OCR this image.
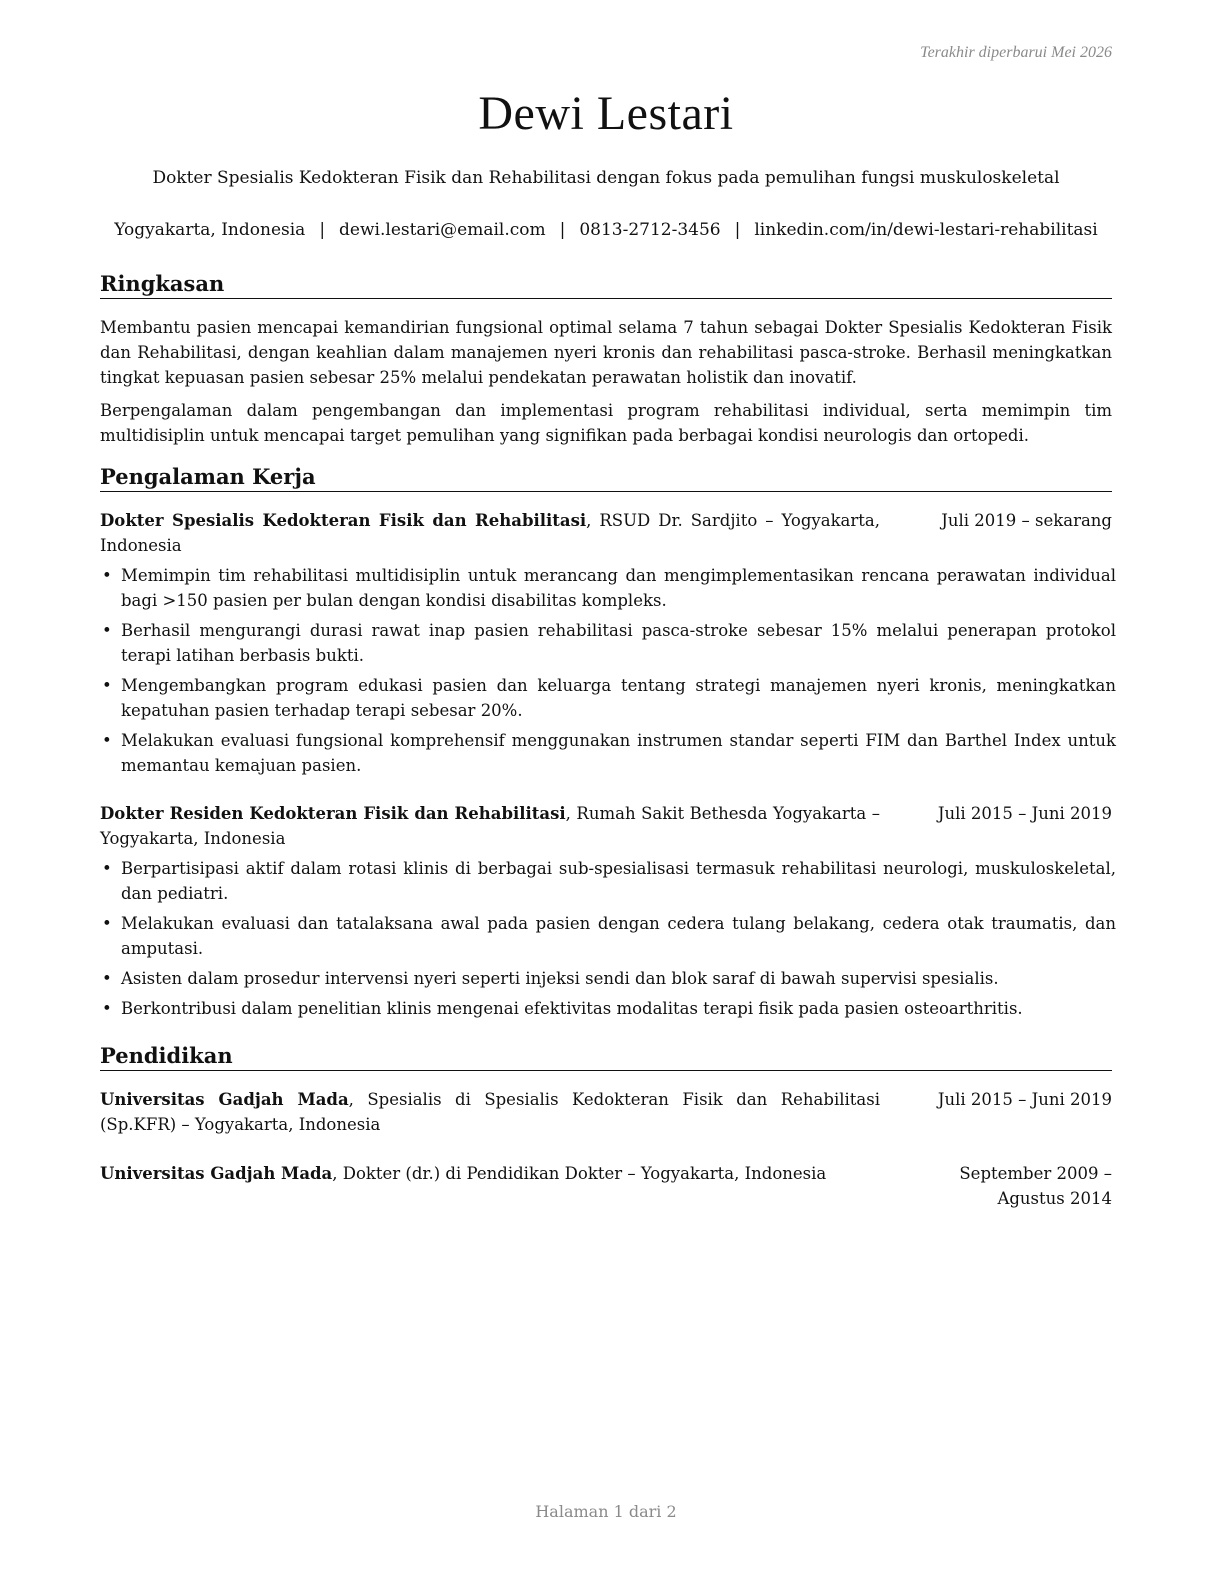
Terakhir diperbarui Mei 2026
Dewi Lestari
Dokter Spesialis Kedokteran Fisik dan Rehabilitasi dengan fokus pada pemulihan fungsi muskuloskeletal
Yogyakarta, Indonesia | dewi.lestari@email.com | 0813-2712-3456 | linkedin.com/in/dewi-lestari-rehabilitasi
Ringkasan
Membantu pasien mencapai kemandirian fungsional optimal selama 7 tahun sebagai Dokter Spesialis Kedokteran Fisik dan Rehabilitasi, dengan keahlian dalam manajemen nyeri kronis dan rehabilitasi pasca-stroke. Berhasil meningkatkan tingkat kepuasan pasien sebesar 25% melalui pendekatan perawatan holistik dan inovatif.
Berpengalaman dalam pengembangan dan implementasi program rehabilitasi individual, serta memimpin tim multidisiplin untuk mencapai target pemulihan yang signifikan pada berbagai kondisi neurologis dan ortopedi.
Pengalaman Kerja
Dokter Spesialis Kedokteran Fisik dan Rehabilitasi, RSUD Dr. Sardjito – Yogyakarta, Indonesia
Juli 2019 – sekarang
• Memimpin tim rehabilitasi multidisiplin untuk merancang dan mengimplementasikan rencana perawatan individual bagi >150 pasien per bulan dengan kondisi disabilitas kompleks.
• Berhasil mengurangi durasi rawat inap pasien rehabilitasi pasca-stroke sebesar 15% melalui penerapan protokol terapi latihan berbasis bukti.
• Mengembangkan program edukasi pasien dan keluarga tentang strategi manajemen nyeri kronis, meningkatkan kepatuhan pasien terhadap terapi sebesar 20%.
• Melakukan evaluasi fungsional komprehensif menggunakan instrumen standar seperti FIM dan Barthel Index untuk memantau kemajuan pasien.
Dokter Residen Kedokteran Fisik dan Rehabilitasi, Rumah Sakit Bethesda Yogyakarta – Yogyakarta, Indonesia
Juli 2015 – Juni 2019
• Berpartisipasi aktif dalam rotasi klinis di berbagai sub-spesialisasi termasuk rehabilitasi neurologi, muskuloskeletal, dan pediatri.
• Melakukan evaluasi dan tatalaksana awal pada pasien dengan cedera tulang belakang, cedera otak traumatis, dan amputasi.
• Asisten dalam prosedur intervensi nyeri seperti injeksi sendi dan blok saraf di bawah supervisi spesialis.
• Berkontribusi dalam penelitian klinis mengenai efektivitas modalitas terapi fisik pada pasien osteoarthritis.
Pendidikan
Universitas Gadjah Mada, Spesialis di Spesialis Kedokteran Fisik dan Rehabilitasi (Sp.KFR) – Yogyakarta, Indonesia
Juli 2015 – Juni 2019
Universitas Gadjah Mada, Dokter (dr.) di Pendidikan Dokter – Yogyakarta, Indonesia	September 2009 – Agustus 2014
Halaman 1 dari 2
